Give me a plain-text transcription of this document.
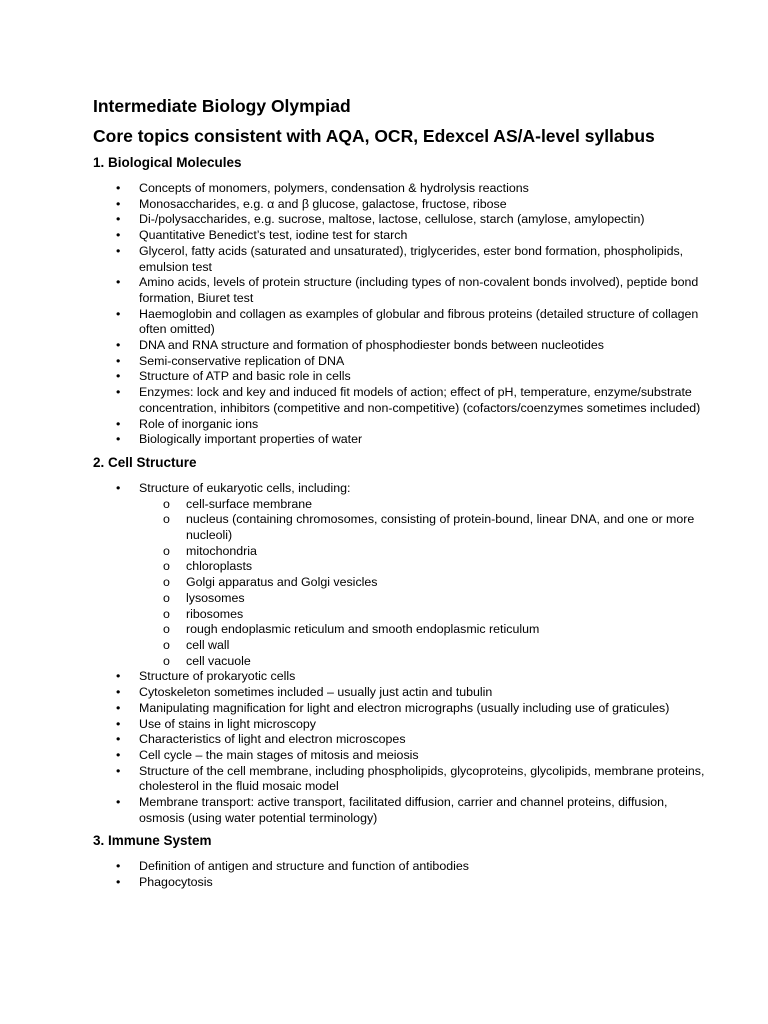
Intermediate Biology Olympiad
Core topics consistent with AQA, OCR, Edexcel AS/A-level syllabus
1. Biological Molecules
• Concepts of monomers, polymers, condensation & hydrolysis reactions
• Monosaccharides, e.g. α and β glucose, galactose, fructose, ribose
• Di-/polysaccharides, e.g. sucrose, maltose, lactose, cellulose, starch (amylose, amylopectin)
• Quantitative Benedict’s test, iodine test for starch
• Glycerol, fatty acids (saturated and unsaturated), triglycerides, ester bond formation, phospholipids, emulsion test
• Amino acids, levels of protein structure (including types of non-covalent bonds involved), peptide bond formation, Biuret test
• Haemoglobin and collagen as examples of globular and fibrous proteins (detailed structure of collagen often omitted)
• DNA and RNA structure and formation of phosphodiester bonds between nucleotides
• Semi-conservative replication of DNA
• Structure of ATP and basic role in cells
• Enzymes: lock and key and induced fit models of action; effect of pH, temperature, enzyme/substrate concentration, inhibitors (competitive and non-competitive) (cofactors/coenzymes sometimes included)
• Role of inorganic ions
• Biologically important properties of water
2. Cell Structure
• Structure of eukaryotic cells, including:
o cell-surface membrane
o nucleus (containing chromosomes, consisting of protein-bound, linear DNA, and one or more nucleoli)
o mitochondria
o chloroplasts
o Golgi apparatus and Golgi vesicles
o lysosomes
o ribosomes
o rough endoplasmic reticulum and smooth endoplasmic reticulum
o cell wall
o cell vacuole
• Structure of prokaryotic cells
• Cytoskeleton sometimes included – usually just actin and tubulin
• Manipulating magnification for light and electron micrographs (usually including use of graticules)
• Use of stains in light microscopy
• Characteristics of light and electron microscopes
• Cell cycle – the main stages of mitosis and meiosis
• Structure of the cell membrane, including phospholipids, glycoproteins, glycolipids, membrane proteins, cholesterol in the fluid mosaic model
• Membrane transport: active transport, facilitated diffusion, carrier and channel proteins, diffusion, osmosis (using water potential terminology)
3. Immune System
• Definition of antigen and structure and function of antibodies
• Phagocytosis
